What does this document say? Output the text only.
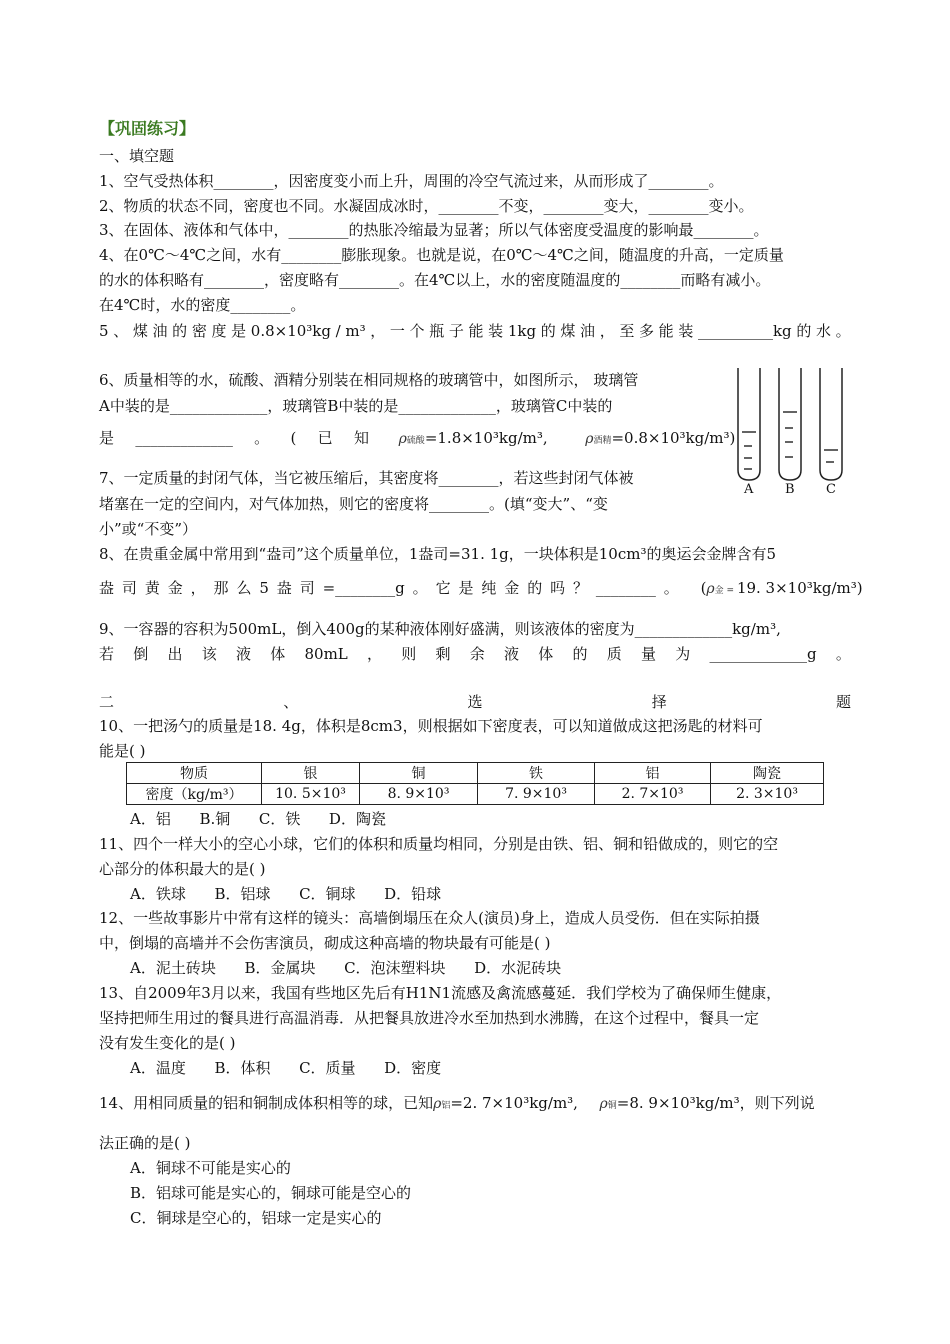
【巩固练习】
一、填空题
1、空气受热体积________，因密度变小而上升，周围的冷空气流过来，从而形成了________。
2、物质的状态不同，密度也不同。水凝固成冰时，________不变，________变大，________变小。
3、在固体、液体和气体中，________的热胀冷缩最为显著；所以气体密度受温度的影响最________。
4、在0℃～4℃之间，水有________膨胀现象。也就是说，在0℃～4℃之间，随温度的升高，一定质量
的水的体积略有________，密度略有________。在4℃以上，水的密度随温度的________而略有减小。
在4℃时，水的密度________。
5 、 煤 油 的 密 度 是 0.8×10³kg / m³ ， 一 个 瓶 子 能 装 1kg 的 煤 油 ， 至 多 能 装 __________kg 的 水 。
6、质量相等的水，硫酸、酒精分别装在相同规格的玻璃管中，如图所示， 玻璃管
A中装的是_____________，玻璃管B中装的是_____________，玻璃管C中装的
是 _____________ 。 ( 已 知 ρ硫酸=1.8×10³kg/m³,	ρ酒精=0.8×10³kg/m³)
A B C
7、一定质量的封闭气体，当它被压缩后，其密度将________，若这些封闭气体被
堵塞在一定的空间内，对气体加热，则它的密度将________。(填“变大”、“变
小”或“不变”）
8、在贵重金属中常用到“盎司”这个质量单位，1盎司=31. 1g，一块体积是10cm³的奥运会金牌含有5
盎 司 黄 金 ， 那 么 5 盎 司 =________g 。 它 是 纯 金 的 吗 ？ ________ 。 (ρ金 = 19. 3×10³kg/m³)
9、一容器的容积为500mL，倒入400g的某种液体刚好盛满，则该液体的密度为_____________kg/m³,
若 倒 出 该 液 体 80mL ， 则 剩 余 液 体 的 质 量 为 _____________g 。
二	、	选	择	题
10、一把汤勺的质量是18. 4g，体积是8cm3，则根据如下密度表，可以知道做成这把汤匙的材料可
能是( )
物质	银	铜	铁	铝	陶瓷
密度（kg/m³）	10. 5×10³	8. 9×10³	7. 9×10³	2. 7×10³	2. 3×10³
A．铝      B.铜      C．铁      D．陶瓷
11、四个一样大小的空心小球，它们的体积和质量均相同，分别是由铁、铝、铜和铅做成的，则它的空
心部分的体积最大的是( )
A．铁球      B．铝球      C．铜球      D．铅球
12、一些故事影片中常有这样的镜头：高墙倒塌压在众人(演员)身上，造成人员受伤．但在实际拍摄
中，倒塌的高墙并不会伤害演员，砌成这种高墙的物块最有可能是( )
A．泥土砖块      B．金属块      C．泡沫塑料块      D．水泥砖块
13、自2009年3月以来，我国有些地区先后有H1N1流感及禽流感蔓延．我们学校为了确保师生健康，
坚持把师生用过的餐具进行高温消毒．从把餐具放进冷水至加热到水沸腾，在这个过程中，餐具一定
没有发生变化的是( )
A．温度      B．体积      C．质量      D．密度
14、用相同质量的铝和铜制成体积相等的球，已知ρ铝=2. 7×10³kg/m³, ρ铜=8. 9×10³kg/m³，则下列说
法正确的是( )
A．铜球不可能是实心的
B．铝球可能是实心的，铜球可能是空心的
C．铜球是空心的，铝球一定是实心的
